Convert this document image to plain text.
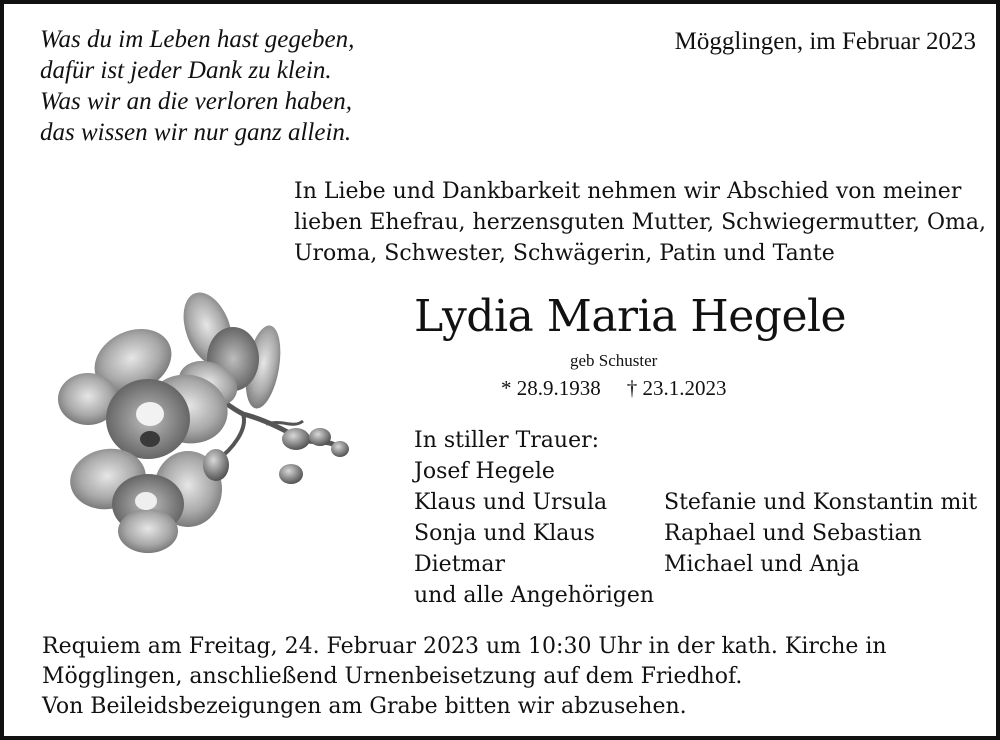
Was du im Leben hast gegeben,
dafür ist jeder Dank zu klein.
Was wir an die verloren haben,
das wissen wir nur ganz allein.

Mögglingen, im Februar 2023

In Liebe und Dankbarkeit nehmen wir Abschied von meiner
lieben Ehefrau, herzensguten Mutter, Schwiegermutter, Oma,
Uroma, Schwester, Schwägerin, Patin und Tante
Lydia Maria Hegele

geb Schuster

* 28.9.1938 † 23.1.2023

In stiller Trauer:
Josef Hegele
Klaus und Ursula
Sonja und Klaus
Dietmar
und alle Angehörigen
Stefanie und Konstantin mit
Raphael und Sebastian
Michael und Anja
Requiem am Freitag, 24. Februar 2023 um 10:30 Uhr in der kath. Kirche in
Mögglingen, anschließend Urnenbeisetzung auf dem Friedhof.
Von Beileidsbezeigungen am Grabe bitten wir abzusehen.
